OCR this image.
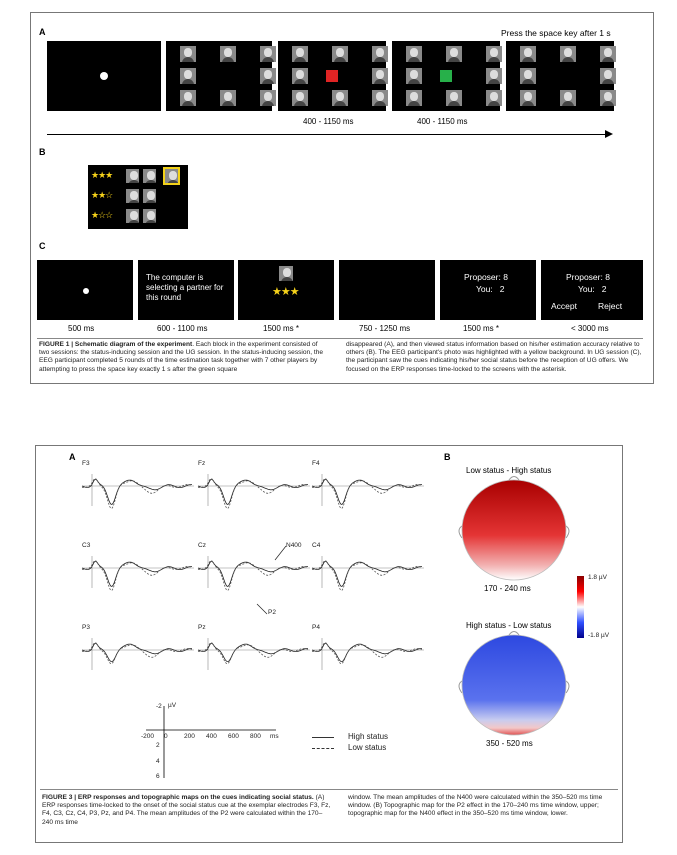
A	Press the space key after 1 s
400 - 1150 ms	400 - 1150 ms
B
★★★
★★☆
★☆☆
C
The computer is selecting a partner for this round	★★★
Proposer: 8
You:   2
Proposer: 8
You:   2
Accept Reject
500 ms	600 - 1100 ms	1500 ms *	750 - 1250 ms	1500 ms *	< 3000 ms
FIGURE 1 | Schematic diagram of the experiment. Each block in the experiment consisted of two sessions: the status-inducing session and the UG session. In the status-inducing session, the EEG participant completed 5 rounds of the time estimation task together with 7 other players by attempting to press the space key exactly 1 s after the green square
disappeared (A), and then viewed status information based on his/her estimation accuracy relative to others (B). The EEG participant's photo was highlighted with a yellow background. In UG session (C), the participant saw the cues indicating his/her social status before the reception of UG offers. We focused on the ERP responses time-locked to the screens with the asterisk.
A	B
F3	Fz	F4
C3	Cz	C4
P3	Pz	P4
N400
P2
-2 µV
-200 0	200 400 600 800 ms
2
4
6
High status
Low status
Low status - High status
170 - 240 ms
High status - Low status
350 - 520 ms
1.8 µV
-1.8 µV
FIGURE 3 | ERP responses and topographic maps on the cues indicating social status. (A) ERP responses time-locked to the onset of the social status cue at the exemplar electrodes F3, Fz, F4, C3, Cz, C4, P3, Pz, and P4. The mean amplitudes of the P2 were calculated within the 170–240 ms time
window. The mean amplitudes of the N400 were calculated within the 350–520 ms time window. (B) Topographic map for the P2 effect in the 170–240 ms time window, upper; topographic map for the N400 effect in the 350–520 ms time window, lower.
